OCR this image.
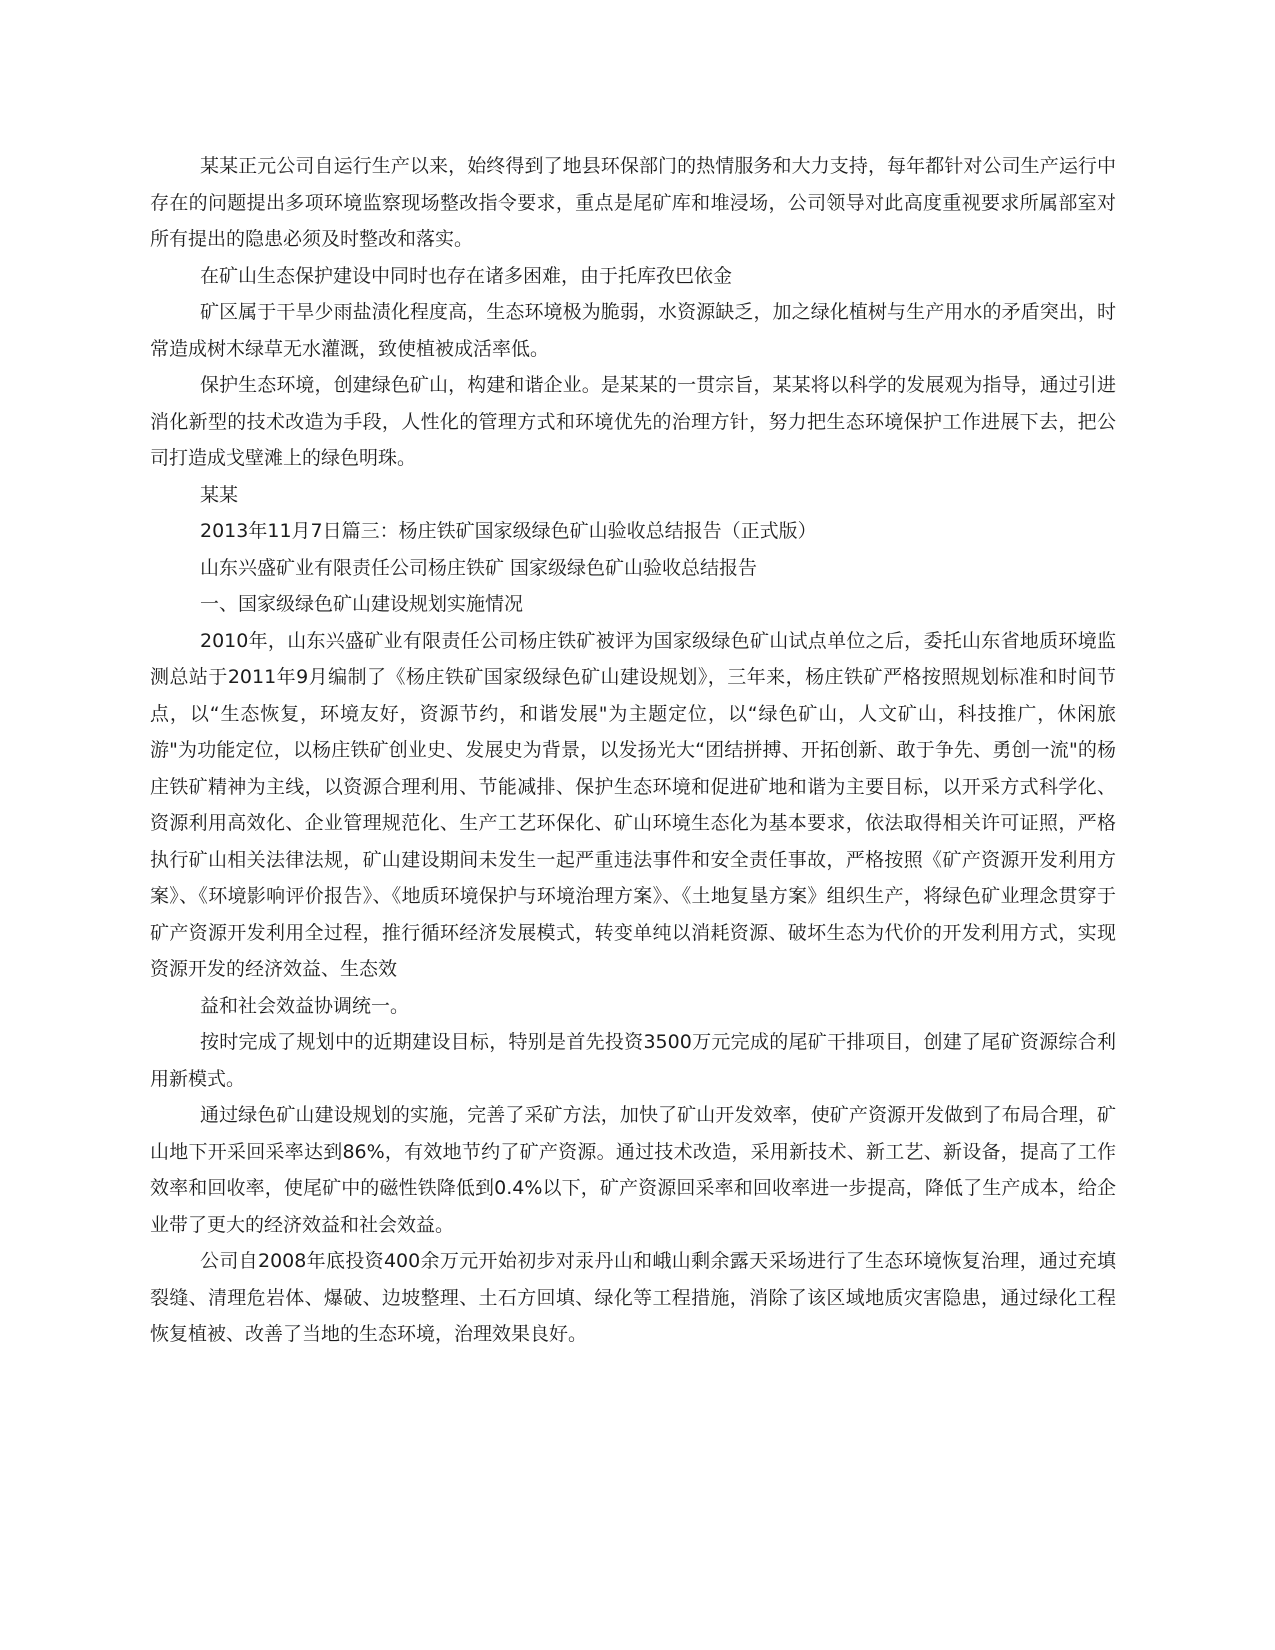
某某正元公司自运行生产以来，始终得到了地县环保部门的热情服务和大力支持，每年都针对公司生产运行中存在的问题提出多项环境监察现场整改指令要求，重点是尾矿库和堆浸场，公司领导对此高度重视要求所属部室对所有提出的隐患必须及时整改和落实。

在矿山生态保护建设中同时也存在诸多困难，由于托库孜巴依金

矿区属于干旱少雨盐渍化程度高，生态环境极为脆弱，水资源缺乏，加之绿化植树与生产用水的矛盾突出，时常造成树木绿草无水灌溉，致使植被成活率低。

保护生态环境，创建绿色矿山，构建和谐企业。是某某的一贯宗旨，某某将以科学的发展观为指导，通过引进消化新型的技术改造为手段，人性化的管理方式和环境优先的治理方针，努力把生态环境保护工作进展下去，把公司打造成戈壁滩上的绿色明珠。

某某

2013年11月7日篇三：杨庄铁矿国家级绿色矿山验收总结报告（正式版）

山东兴盛矿业有限责任公司杨庄铁矿 国家级绿色矿山验收总结报告

一、国家级绿色矿山建设规划实施情况

2010年，山东兴盛矿业有限责任公司杨庄铁矿被评为国家级绿色矿山试点单位之后，委托山东省地质环境监测总站于2011年9月编制了《杨庄铁矿国家级绿色矿山建设规划》，三年来，杨庄铁矿严格按照规划标准和时间节点，以“生态恢复，环境友好，资源节约，和谐发展"为主题定位，以“绿色矿山，人文矿山，科技推广，休闲旅游"为功能定位，以杨庄铁矿创业史、发展史为背景，以发扬光大“团结拼搏、开拓创新、敢于争先、勇创一流"的杨庄铁矿精神为主线，以资源合理利用、节能减排、保护生态环境和促进矿地和谐为主要目标，以开采方式科学化、资源利用高效化、企业管理规范化、生产工艺环保化、矿山环境生态化为基本要求，依法取得相关许可证照，严格执行矿山相关法律法规，矿山建设期间未发生一起严重违法事件和安全责任事故，严格按照《矿产资源开发利用方案》、《环境影响评价报告》、《地质环境保护与环境治理方案》、《土地复垦方案》组织生产，将绿色矿业理念贯穿于矿产资源开发利用全过程，推行循环经济发展模式，转变单纯以消耗资源、破坏生态为代价的开发利用方式，实现资源开发的经济效益、生态效

益和社会效益协调统一。

按时完成了规划中的近期建设目标，特别是首先投资3500万元完成的尾矿干排项目，创建了尾矿资源综合利用新模式。

通过绿色矿山建设规划的实施，完善了采矿方法，加快了矿山开发效率，使矿产资源开发做到了布局合理，矿山地下开采回采率达到86%，有效地节约了矿产资源。通过技术改造，采用新技术、新工艺、新设备，提高了工作效率和回收率，使尾矿中的磁性铁降低到0.4%以下，矿产资源回采率和回收率进一步提高，降低了生产成本，给企业带了更大的经济效益和社会效益。

公司自2008年底投资400余万元开始初步对汞丹山和峨山剩余露天采场进行了生态环境恢复治理，通过充填裂缝、清理危岩体、爆破、边坡整理、土石方回填、绿化等工程措施，消除了该区域地质灾害隐患，通过绿化工程恢复植被、改善了当地的生态环境，治理效果良好。
